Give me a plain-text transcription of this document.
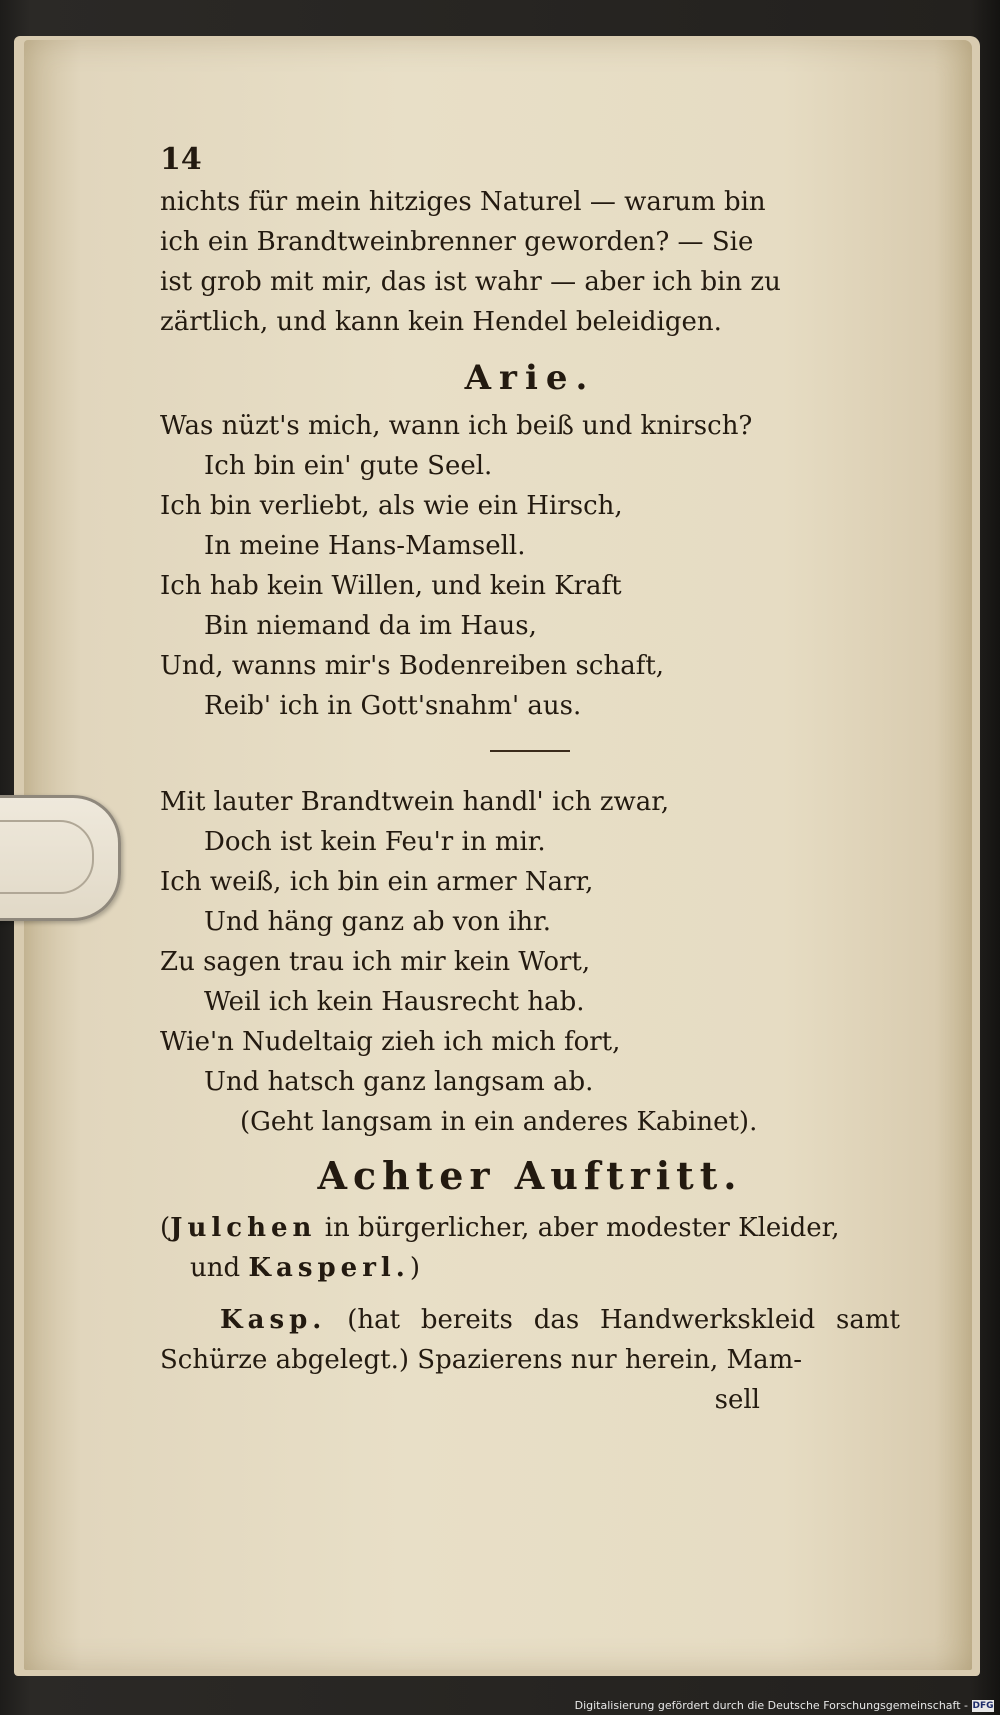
14

nichts für mein hitziges Naturel — warum bin

ich ein Brandtweinbrenner geworden? — Sie

ist grob mit mir, das ist wahr — aber ich bin zu

zärtlich, und kann kein Hendel beleidigen.

Arie.
Was nüzt's mich, wann ich beiß und knirsch?
Ich bin ein' gute Seel.
Ich bin verliebt, als wie ein Hirsch,
In meine Hans-Mamsell.
Ich hab kein Willen, und kein Kraft
Bin niemand da im Haus,
Und, wanns mir's Bodenreiben schaft,
Reib' ich in Gott'snahm' aus.
Mit lauter Brandtwein handl' ich zwar,
Doch ist kein Feu'r in mir.
Ich weiß, ich bin ein armer Narr,
Und häng ganz ab von ihr.
Zu sagen trau ich mir kein Wort,
Weil ich kein Hausrecht hab.
Wie'n Nudeltaig zieh ich mich fort,
Und hatsch ganz langsam ab.
(Geht langsam in ein anderes Kabinet).
Achter Auftritt.

(Julchen in bürgerlicher, aber modester Kleider,
und Kasperl.)

Kasp. (hat bereits das Handwerkskleid samt Schürze abgelegt.) Spazierens nur herein, Mam-

sell
Digitalisierung gefördert durch die Deutsche Forschungsgemeinschaft - DFG
